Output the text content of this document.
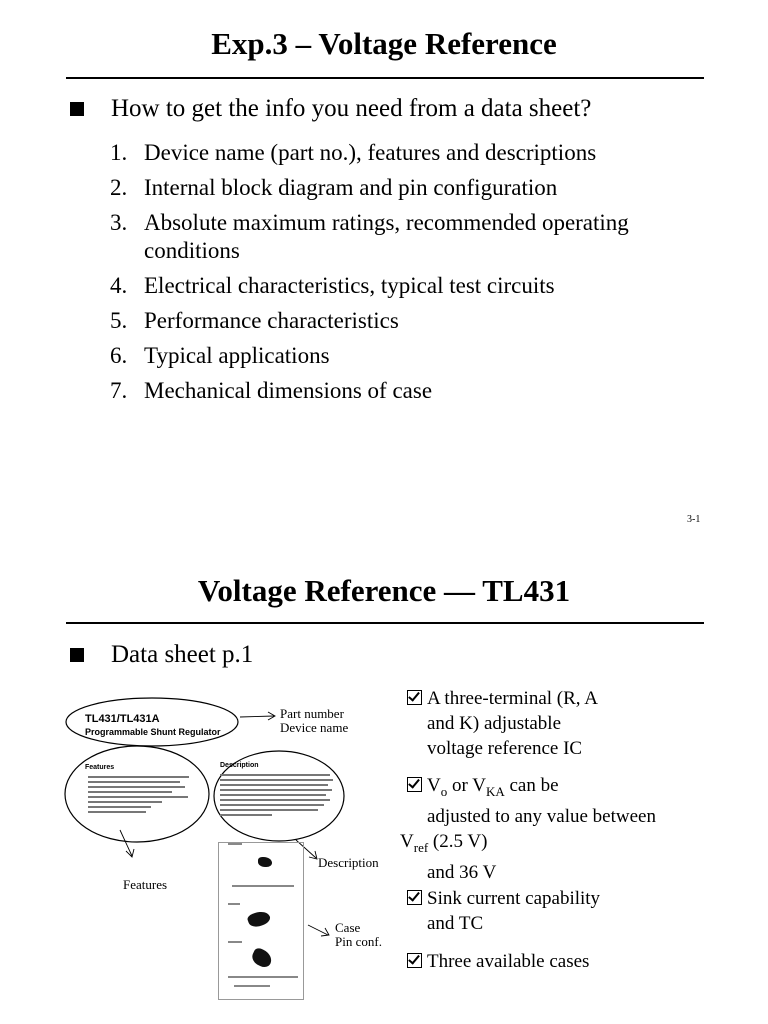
Exp.3 – Voltage Reference
How to get the info you need from a data sheet?
1. Device name (part no.), features and descriptions
2. Internal block diagram and pin configuration
3. Absolute maximum ratings, recommended operating conditions
4. Electrical characteristics, typical test circuits
5. Performance characteristics
6. Typical applications
7. Mechanical dimensions of case
3-1
Voltage Reference — TL431
Data sheet p.1
TL431/TL431A
Programmable Shunt Regulator
Features	Description
Part number
Device name
Description
Features
Case
Pin conf.
A three-terminal (R, A
and K) adjustable
voltage reference IC
$V_o$ or $V_{KA}$ can be
adjusted to any value between
$V_{ref}$ (2.5 V)
and 36 V
Sink current capability
and TC
Three available cases
